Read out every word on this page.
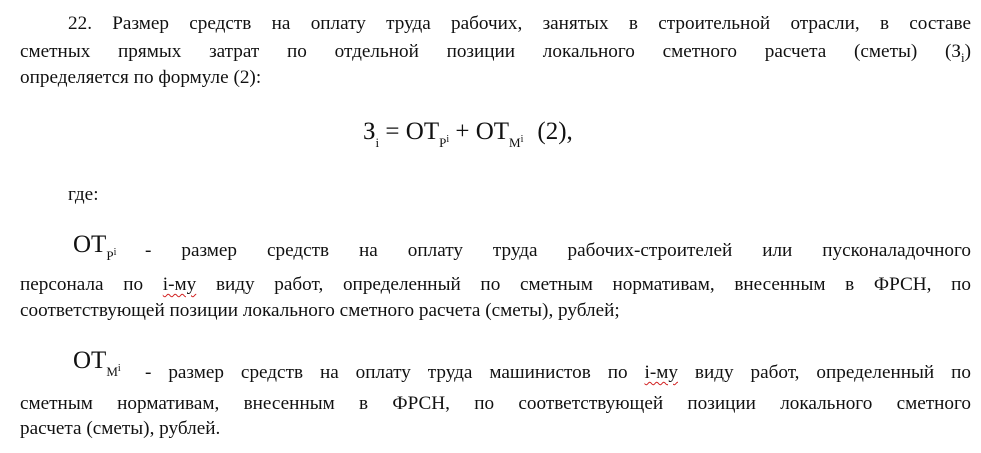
22. Размер средств на оплату труда рабочих, занятых в строительной отрасли, в составе
сметных прямых затрат по отдельной позиции локального сметного расчета (сметы) $(З_i)$
определяется по формуле (2):
$З_i = ОТ_Рi + ОТ_Мi$ (2),
где:
$ОТ_Рi$ - размер средств на оплату труда рабочих-строителей или пусконаладочного
персонала по i-му виду работ, определенный по сметным нормативам, внесенным в ФРСН, по
соответствующей позиции локального сметного расчета (сметы), рублей;
$ОТ_Мi$ - размер средств на оплату труда машинистов по i-му виду работ, определенный по
сметным нормативам, внесенным в ФРСН, по соответствующей позиции локального сметного
расчета (сметы), рублей.
